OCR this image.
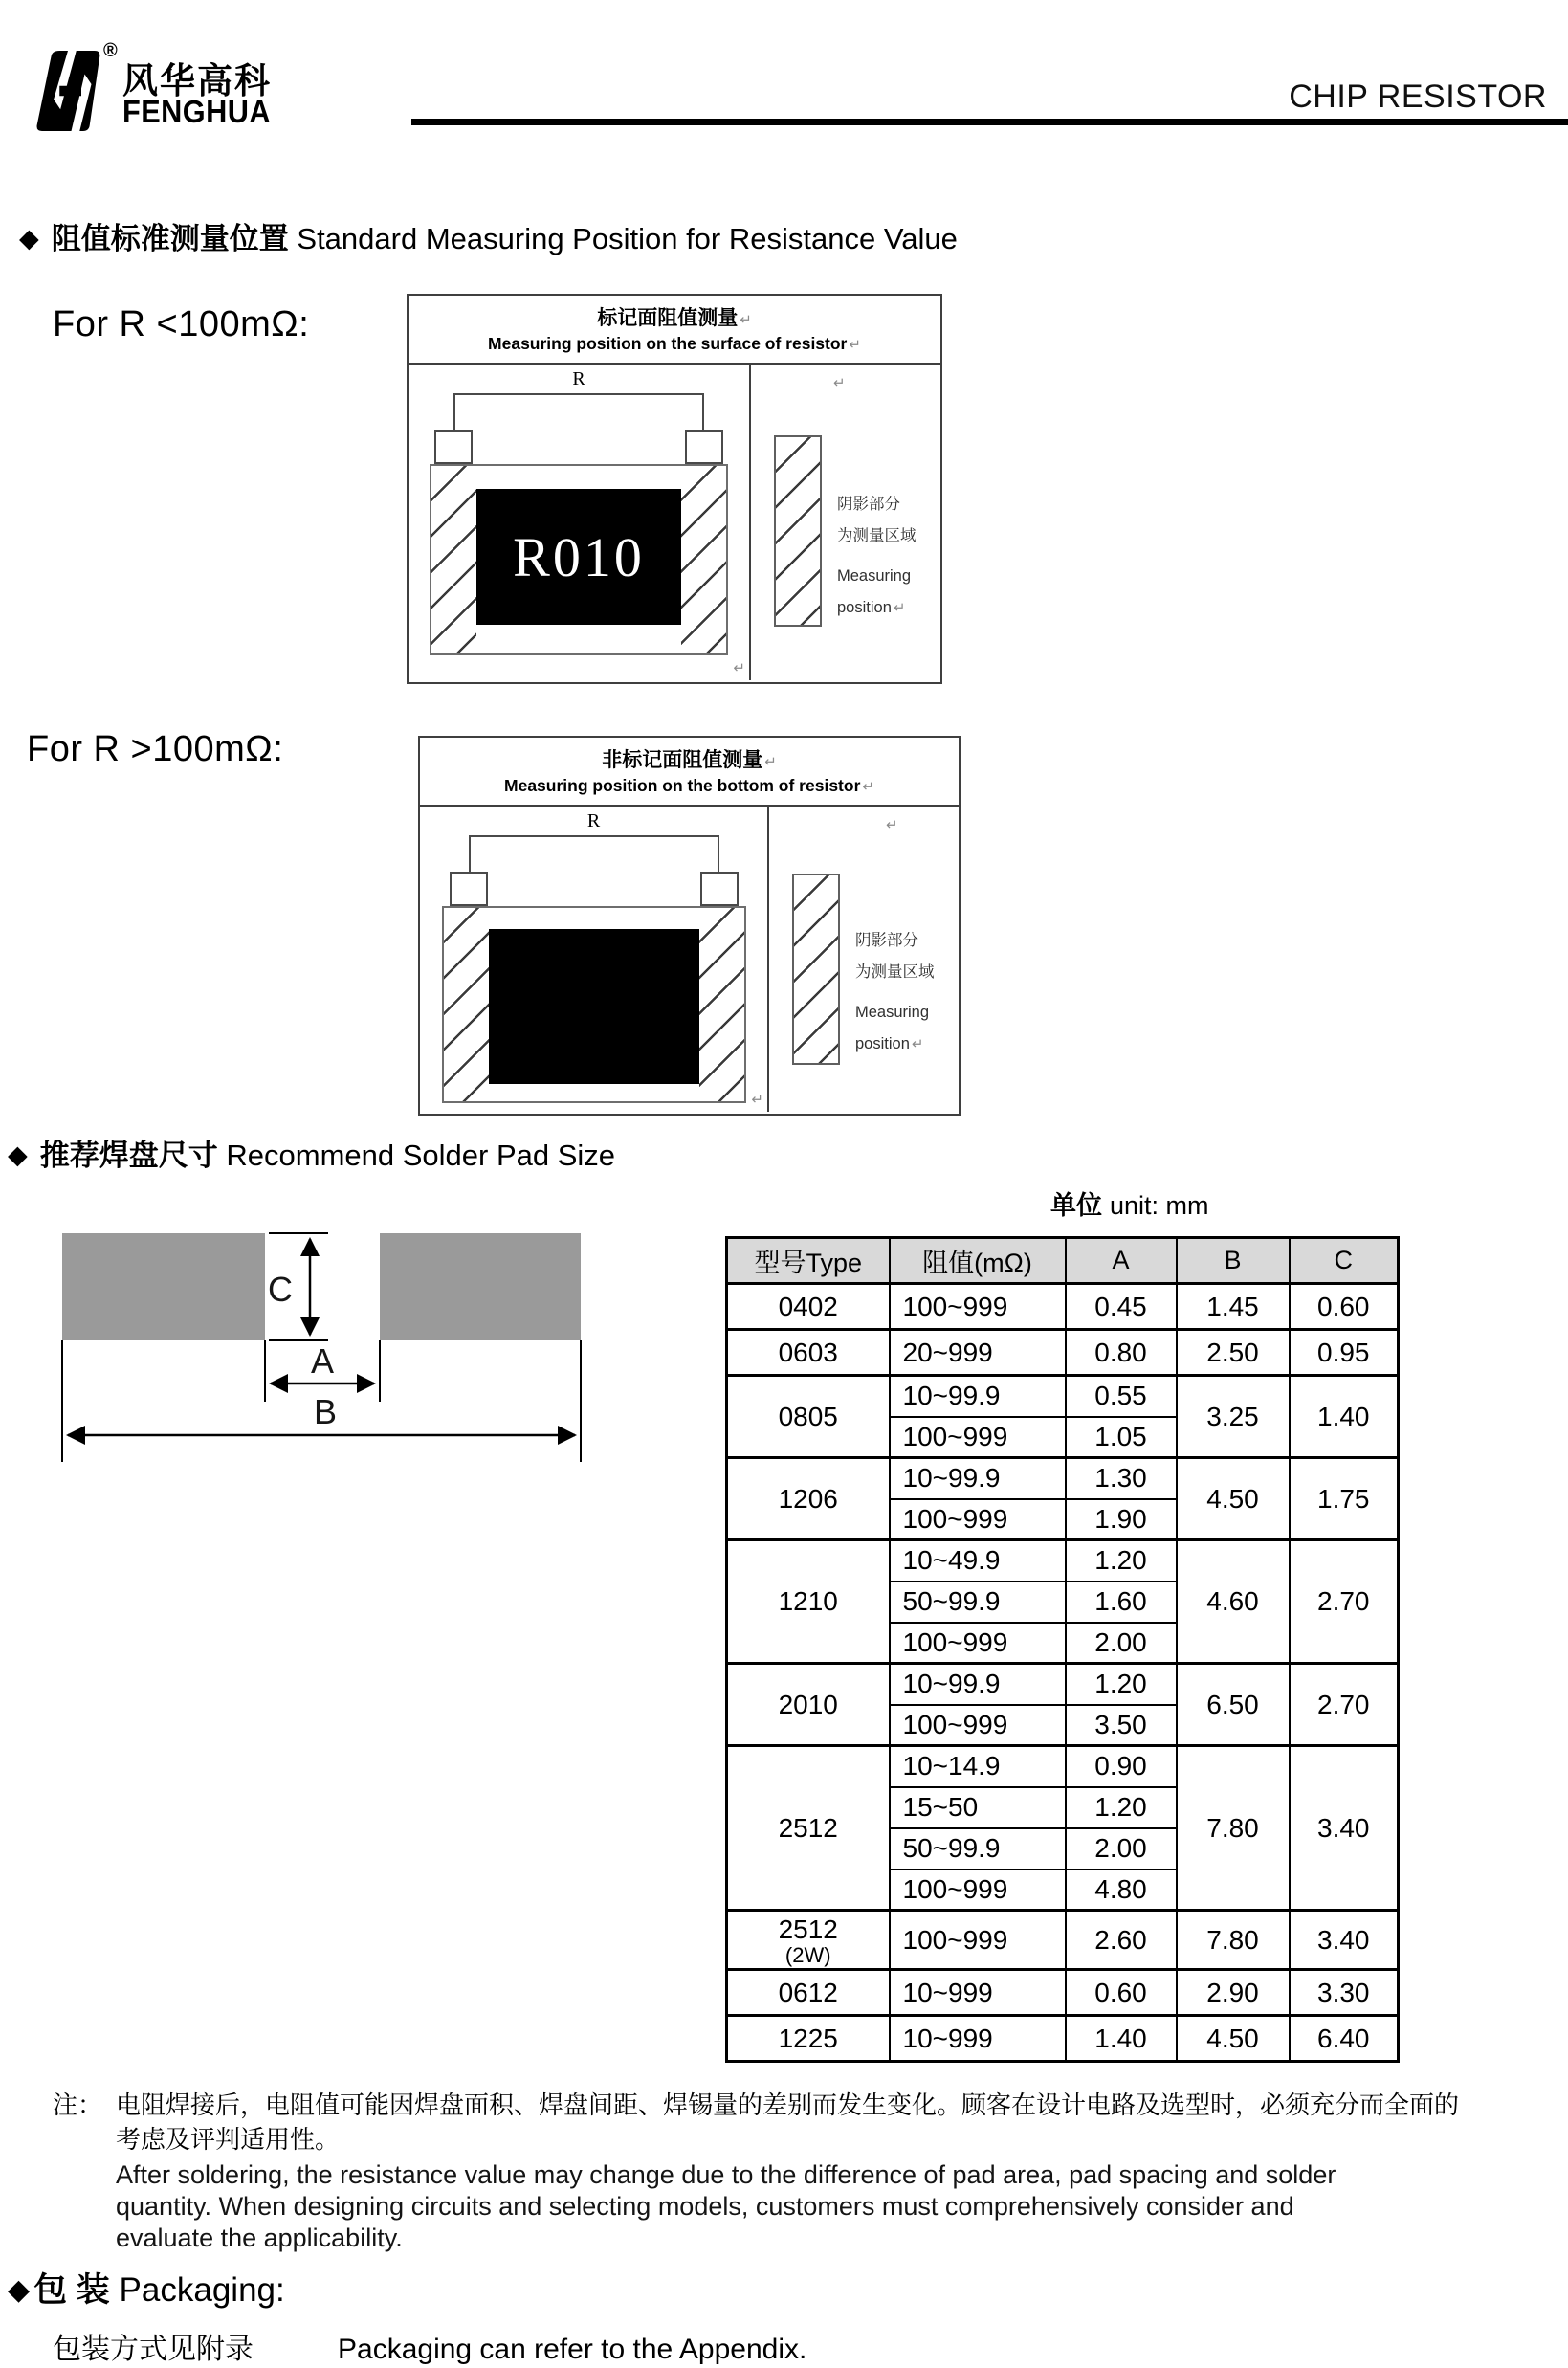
®
风华高科
FENGHUA	CHIP RESISTOR
◆ 阻值标准测量位置 Standard Measuring Position for Resistance Value
For R <100mΩ:
For R >100mΩ:
标记面阻值测量 ↵
Measuring position on the surface of resistor ↵
R
R010
↵
↵
阴影部分
为测量区域
Measuring
position ↵
非标记面阻值测量 ↵
Measuring position on the bottom of resistor ↵
R
↵
↵
阴影部分
为测量区域
Measuring
position ↵
◆ 推荐焊盘尺寸 Recommend Solder Pad Size
单位 unit: mm
C
A
B
型号Type	阻值(mΩ)	A	B	C

0402	100~999	0.45	1.45	0.60

0603	20~999	0.80	2.50	0.95

0805	10~99.9	0.55	3.25	1.40
	100~999	1.05		

1206	10~99.9	1.30	4.50	1.75
	100~999	1.90		

1210	10~49.9	1.20	4.60	2.70
	50~99.9	1.60		
	100~999	2.00		

2010	10~99.9	1.20	6.50	2.70
	100~999	3.50		

2512	10~14.9	0.90	7.80	3.40
	15~50	1.20		
	50~99.9	2.00		
	100~999	4.80		

2512
(2W)	100~999	2.60	7.80	3.40

0612	10~999	0.60	2.90	3.30

1225	10~999	1.40	4.50	6.40
注： 电阻焊接后，电阻值可能因焊盘面积、焊盘间距、焊锡量的差别而发生变化。顾客在设计电路及选型时，必须充分而全面的
考虑及评判适用性。
After soldering, the resistance value may change due to the difference of pad area, pad spacing and solder
quantity. When designing circuits and selecting models, customers must comprehensively consider and
evaluate the applicability.
◆ 包 装 Packaging:
包装方式见附录	Packaging can refer to the Appendix.
